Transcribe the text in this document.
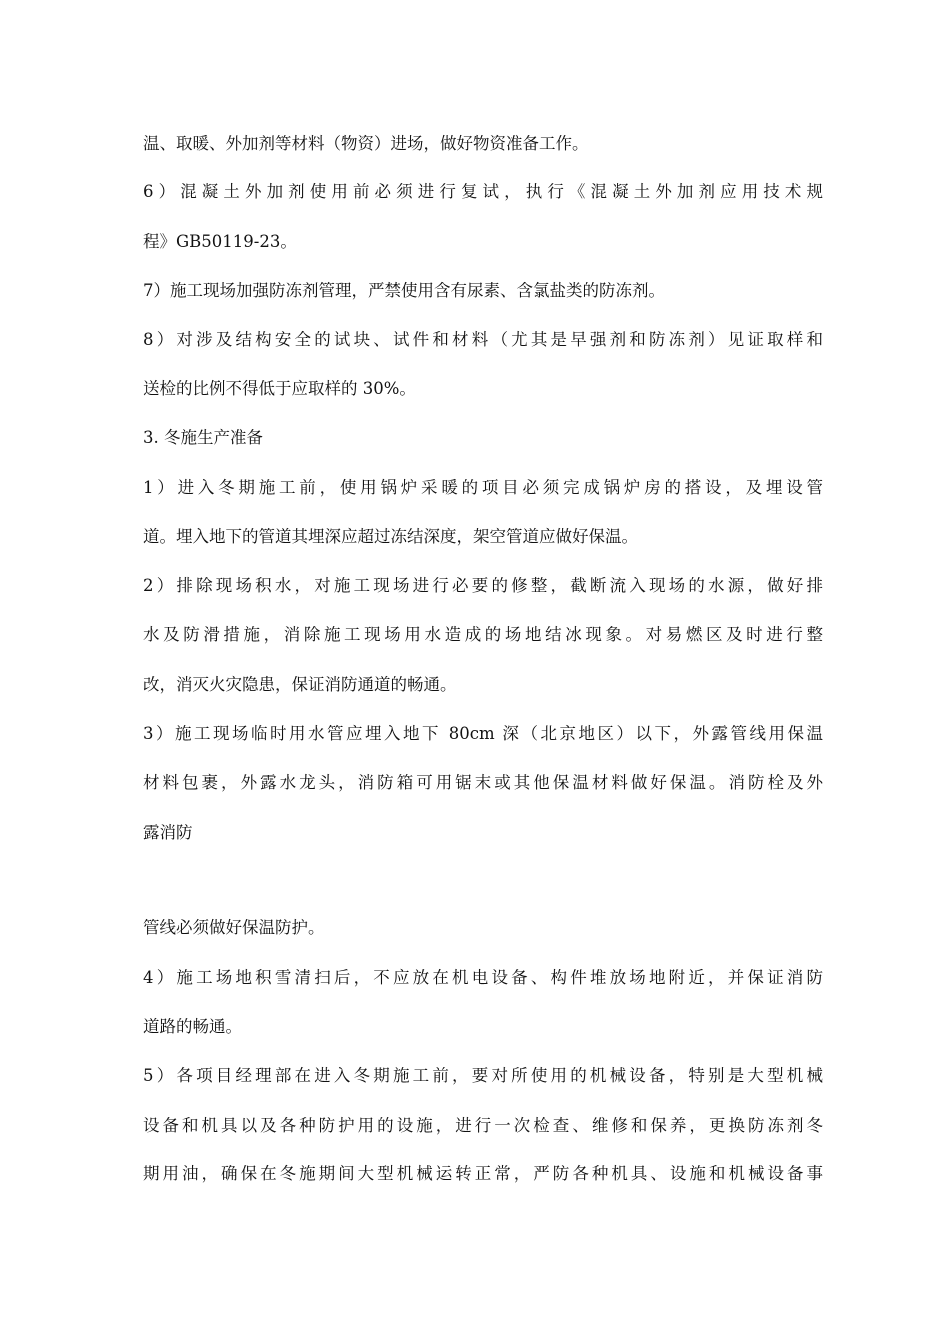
温、取暖、外加剂等材料（物资）进场，做好物资准备工作。
6）混凝土外加剂使用前必须进行复试，执行《混凝土外加剂应用技术规
程》GB50119-23。
7）施工现场加强防冻剂管理，严禁使用含有尿素、含氯盐类的防冻剂。
8）对涉及结构安全的试块、试件和材料（尤其是早强剂和防冻剂）见证取样和
送检的比例不得低于应取样的 30%。
3. 冬施生产准备
1）进入冬期施工前，使用锅炉采暖的项目必须完成锅炉房的搭设，及埋设管
道。埋入地下的管道其埋深应超过冻结深度，架空管道应做好保温。
2）排除现场积水，对施工现场进行必要的修整，截断流入现场的水源，做好排
水及防滑措施，消除施工现场用水造成的场地结冰现象。对易燃区及时进行整
改，消灭火灾隐患，保证消防通道的畅通。
3）施工现场临时用水管应埋入地下 80cm 深（北京地区）以下，外露管线用保温
材料包裹，外露水龙头，消防箱可用锯末或其他保温材料做好保温。消防栓及外
露消防
管线必须做好保温防护。
4）施工场地积雪清扫后，不应放在机电设备、构件堆放场地附近，并保证消防
道路的畅通。
5）各项目经理部在进入冬期施工前，要对所使用的机械设备，特别是大型机械
设备和机具以及各种防护用的设施，进行一次检查、维修和保养，更换防冻剂冬
期用油，确保在冬施期间大型机械运转正常，严防各种机具、设施和机械设备事
